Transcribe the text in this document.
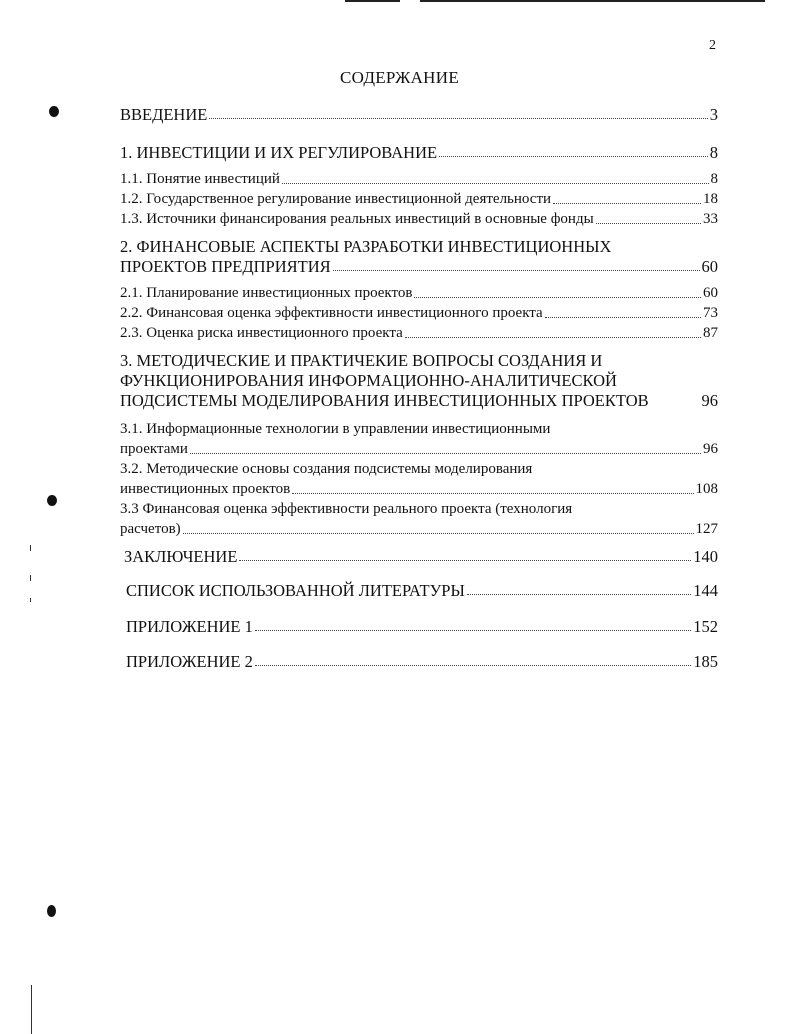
2
СОДЕРЖАНИЕ
ВВЕДЕНИЕ	3
1. ИНВЕСТИЦИИ И ИХ РЕГУЛИРОВАНИЕ	8
1.1. Понятие инвестиций	8
1.2. Государственное регулирование инвестиционной деятельности	18
1.3. Источники финансирования реальных инвестиций в основные фонды	33
2. ФИНАНСОВЫЕ АСПЕКТЫ РАЗРАБОТКИ ИНВЕСТИЦИОННЫХ
ПРОЕКТОВ ПРЕДПРИЯТИЯ	60
2.1. Планирование инвестиционных проектов	60
2.2. Финансовая оценка эффективности инвестиционного проекта	73
2.3. Оценка риска инвестиционного проекта	87
3. МЕТОДИЧЕСКИЕ И ПРАКТИЧЕКИЕ ВОПРОСЫ СОЗДАНИЯ И
ФУНКЦИОНИРОВАНИЯ ИНФОРМАЦИОННО-АНАЛИТИЧЕСКОЙ
ПОДСИСТЕМЫ МОДЕЛИРОВАНИЯ ИНВЕСТИЦИОННЫХ ПРОЕКТОВ	96
3.1. Информационные технологии в управлении инвестиционными
проектами	96
3.2. Методические основы создания подсистемы моделирования
инвестиционных проектов	108
3.3 Финансовая оценка эффективности реального проекта (технология
расчетов)	127
ЗАКЛЮЧЕНИЕ	140
СПИСОК ИСПОЛЬЗОВАННОЙ ЛИТЕРАТУРЫ	144
ПРИЛОЖЕНИЕ 1	152
ПРИЛОЖЕНИЕ 2	185
